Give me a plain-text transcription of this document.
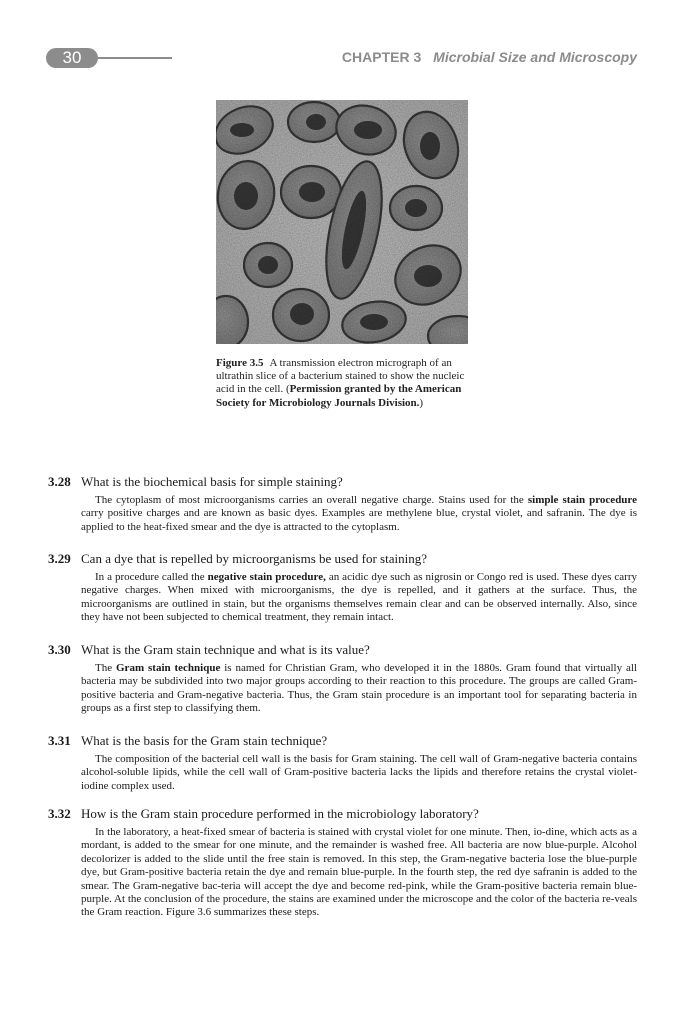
30	CHAPTER 3 Microbial Size and Microscopy
Figure 3.5 A transmission electron micrograph of an ultrathin slice of a bacterium stained to show the nucleic acid in the cell. (Permission granted by the American Society for Microbiology Journals Division.)
3.28 What is the biochemical basis for simple staining?
The cytoplasm of most microorganisms carries an overall negative charge. Stains used for the simple stain procedure carry positive charges and are known as basic dyes. Examples are methylene blue, crystal violet, and safranin. The dye is applied to the heat-fixed smear and the dye is attracted to the cytoplasm.
3.29 Can a dye that is repelled by microorganisms be used for staining?
In a procedure called the negative stain procedure, an acidic dye such as nigrosin or Congo red is used. These dyes carry negative charges. When mixed with microorganisms, the dye is repelled, and it gathers at the surface. Thus, the microorganisms are outlined in stain, but the organisms themselves remain clear and can be observed internally. Also, since they have not been subjected to chemical treatment, they remain intact.
3.30 What is the Gram stain technique and what is its value?
The Gram stain technique is named for Christian Gram, who developed it in the 1880s. Gram found that virtually all bacteria may be subdivided into two major groups according to their reaction to this procedure. The groups are called Gram-positive bacteria and Gram-negative bacteria. Thus, the Gram stain procedure is an important tool for separating bacteria in groups as a first step to classifying them.
3.31 What is the basis for the Gram stain technique?
The composition of the bacterial cell wall is the basis for Gram staining. The cell wall of Gram-negative bacteria contains alcohol-soluble lipids, while the cell wall of Gram-positive bacteria lacks the lipids and therefore retains the crystal violet-iodine complex used.
3.32 How is the Gram stain procedure performed in the microbiology laboratory?
In the laboratory, a heat-fixed smear of bacteria is stained with crystal violet for one minute. Then, io-dine, which acts as a mordant, is added to the smear for one minute, and the remainder is washed free. All bacteria are now blue-purple. Alcohol decolorizer is added to the slide until the free stain is removed. In this step, the Gram-negative bacteria lose the blue-purple dye, but Gram-positive bacteria retain the dye and remain blue-purple. In the fourth step, the red dye safranin is added to the smear. The Gram-negative bac-teria will accept the dye and become red-pink, while the Gram-positive bacteria remain blue-purple. At the conclusion of the procedure, the stains are examined under the microscope and the color of the bacteria re-veals the Gram reaction. Figure 3.6 summarizes these steps.
